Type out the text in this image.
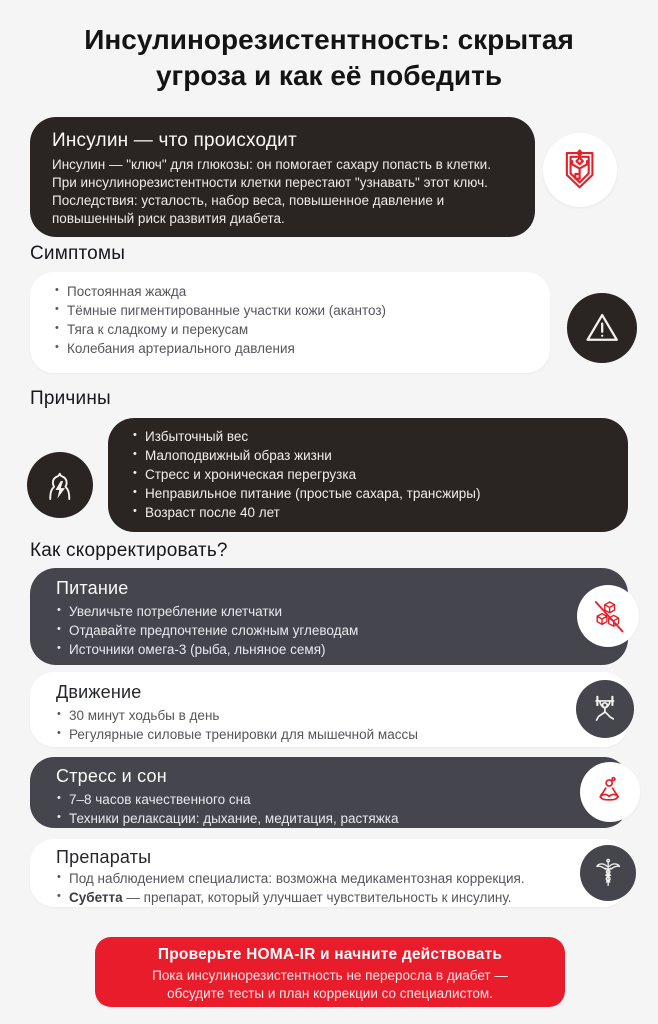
Инсулинорезистентность: скрытая угроза и как её победить
Инсулин — что происходит

Инсулин — "ключ" для глюкозы: он помогает сахару попасть в клетки. При инсулинорезистентности клетки перестают "узнавать" этот ключ. Последствия: усталость, набор веса, повышенное давление и повышенный риск развития диабета.

Симптомы
• Постоянная жажда
• Тёмные пигментированные участки кожи (акантоз)
• Тяга к сладкому и перекусам
• Колебания артериального давления
Причины
• Избыточный вес
• Малоподвижный образ жизни
• Стресс и хроническая перегрузка
• Неправильное питание (простые сахара, трансжиры)
• Возраст после 40 лет
Как скорректировать?
Питание
• Увеличьте потребление клетчатки
• Отдавайте предпочтение сложным углеводам
• Источники омега-3 (рыба, льняное семя)
Движение
• 30 минут ходьбы в день
• Регулярные силовые тренировки для мышечной массы
Стресс и сон
• 7–8 часов качественного сна
• Техники релаксации: дыхание, медитация, растяжка
Препараты
• Под наблюдением специалиста: возможна медикаментозная коррекция.
• Субетта — препарат, который улучшает чувствительность к инсулину.

Проверьте HOMA-IR и начните действовать

Пока инсулинорезистентность не переросла в диабет — обсудите тесты и план коррекции со специалистом.
